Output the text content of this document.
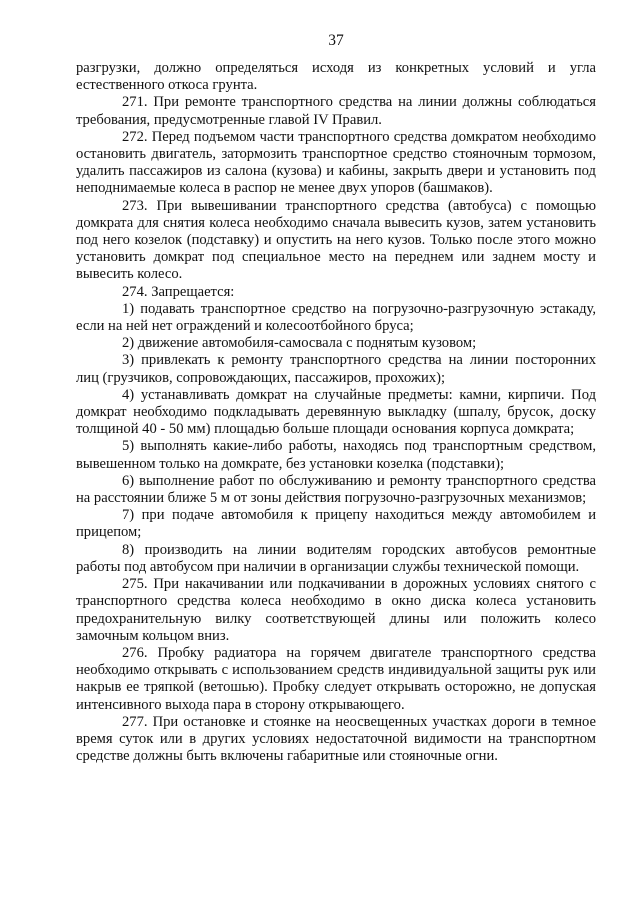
37

разгрузки, должно определяться исходя из конкретных условий и угла естественного откоса грунта.

271. При ремонте транспортного средства на линии должны соблюдаться требования, предусмотренные главой IV Правил.

272. Перед подъемом части транспортного средства домкратом необходимо остановить двигатель, затормозить транспортное средство стояночным тормозом, удалить пассажиров из салона (кузова) и кабины, закрыть двери и установить под неподнимаемые колеса в распор не менее двух упоров (башмаков).

273. При вывешивании транспортного средства (автобуса) с помощью домкрата для снятия колеса необходимо сначала вывесить кузов, затем установить под него козелок (подставку) и опустить на него кузов. Только после этого можно установить домкрат под специальное место на переднем или заднем мосту и вывесить колесо.

274. Запрещается:

1) подавать транспортное средство на погрузочно-разгрузочную эстакаду, если на ней нет ограждений и колесоотбойного бруса;

2) движение автомобиля-самосвала с поднятым кузовом;

3) привлекать к ремонту транспортного средства на линии посторонних лиц (грузчиков, сопровождающих, пассажиров, прохожих);

4) устанавливать домкрат на случайные предметы: камни, кирпичи. Под домкрат необходимо подкладывать деревянную выкладку (шпалу, брусок, доску толщиной 40 - 50 мм) площадью больше площади основания корпуса домкрата;

5) выполнять какие-либо работы, находясь под транспортным средством, вывешенном только на домкрате, без установки козелка (подставки);

6) выполнение работ по обслуживанию и ремонту транспортного средства на расстоянии ближе 5 м от зоны действия погрузочно-разгрузочных механизмов;

7) при подаче автомобиля к прицепу находиться между автомобилем и прицепом;

8) производить на линии водителям городских автобусов ремонтные работы под автобусом при наличии в организации службы технической помощи.

275. При накачивании или подкачивании в дорожных условиях снятого с транспортного средства колеса необходимо в окно диска колеса установить предохранительную вилку соответствующей длины или положить колесо замочным кольцом вниз.

276. Пробку радиатора на горячем двигателе транспортного средства необходимо открывать с использованием средств индивидуальной защиты рук или накрыв ее тряпкой (ветошью). Пробку следует открывать осторожно, не допуская интенсивного выхода пара в сторону открывающего.

277. При остановке и стоянке на неосвещенных участках дороги в темное время суток или в других условиях недостаточной видимости на транспортном средстве должны быть включены габаритные или стояночные огни.
